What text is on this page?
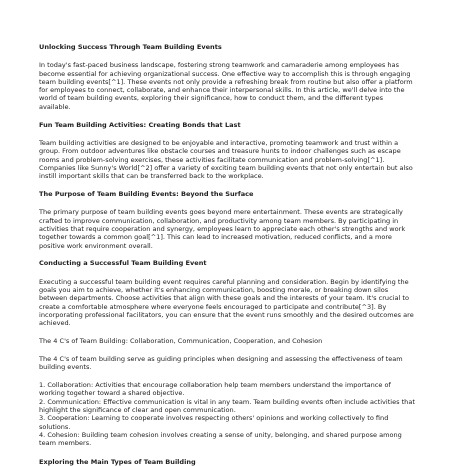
Unlocking Success Through Team Building Events
In today's fast-paced business landscape, fostering strong teamwork and camaraderie among employees has become essential for achieving organizational success. One effective way to accomplish this is through engaging team building events[^1]. These events not only provide a refreshing break from routine but also offer a platform for employees to connect, collaborate, and enhance their interpersonal skills. In this article, we'll delve into the world of team building events, exploring their significance, how to conduct them, and the different types available.
Fun Team Building Activities: Creating Bonds that Last
Team building activities are designed to be enjoyable and interactive, promoting teamwork and trust within a group. From outdoor adventures like obstacle courses and treasure hunts to indoor challenges such as escape rooms and problem-solving exercises, these activities facilitate communication and problem-solving[^1]. Companies like Sunny's World[^2] offer a variety of exciting team building events that not only entertain but also instill important skills that can be transferred back to the workplace.
The Purpose of Team Building Events: Beyond the Surface
The primary purpose of team building events goes beyond mere entertainment. These events are strategically crafted to improve communication, collaboration, and productivity among team members. By participating in activities that require cooperation and synergy, employees learn to appreciate each other's strengths and work together towards a common goal[^1]. This can lead to increased motivation, reduced conflicts, and a more positive work environment overall.
Conducting a Successful Team Building Event
Executing a successful team building event requires careful planning and consideration. Begin by identifying the goals you aim to achieve, whether it's enhancing communication, boosting morale, or breaking down silos between departments. Choose activities that align with these goals and the interests of your team. It's crucial to create a comfortable atmosphere where everyone feels encouraged to participate and contribute[^3]. By incorporating professional facilitators, you can ensure that the event runs smoothly and the desired outcomes are achieved.
The 4 C's of Team Building: Collaboration, Communication, Cooperation, and Cohesion
The 4 C's of team building serve as guiding principles when designing and assessing the effectiveness of team building events.
1. Collaboration: Activities that encourage collaboration help team members understand the importance of working together toward a shared objective.
2. Communication: Effective communication is vital in any team. Team building events often include activities that highlight the significance of clear and open communication.
3. Cooperation: Learning to cooperate involves respecting others' opinions and working collectively to find solutions.
4. Cohesion: Building team cohesion involves creating a sense of unity, belonging, and shared purpose among team members.
Exploring the Main Types of Team Building
